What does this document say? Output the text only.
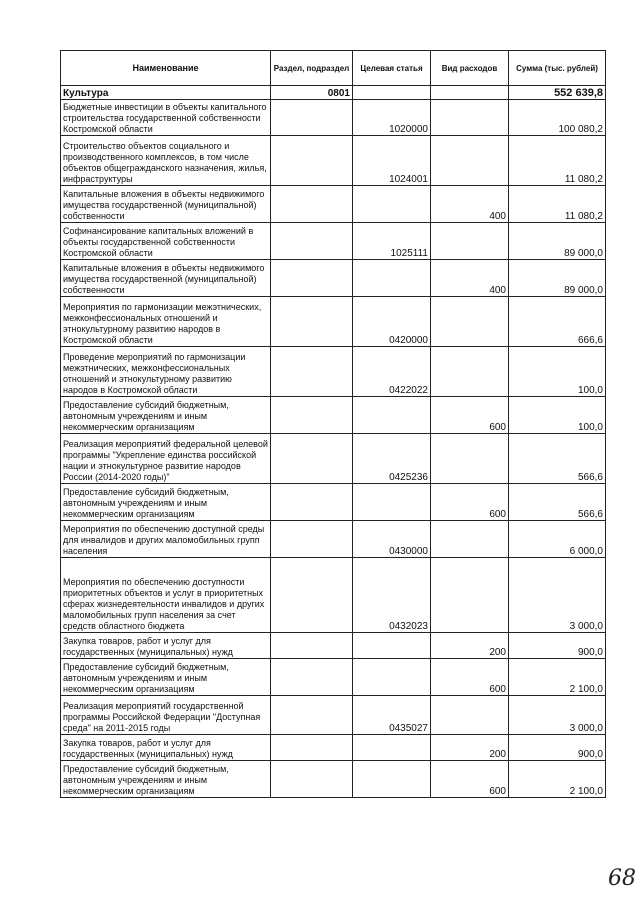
Наименование	Раздел, подраздел	Целевая статья	Вид расходов	Сумма (тыс. рублей)
Культура	0801			552 639,8
Бюджетные инвестиции в объекты капитального строительства государственной собственности Костромской области		1020000		100 080,2
Строительство объектов социального и производственного комплексов, в том числе объектов общегражданского назначения, жилья, инфраструктуры		1024001		11 080,2
Капитальные вложения в объекты недвижимого имущества государственной (муниципальной) собственности			400	11 080,2
Софинансирование капитальных вложений в объекты государственной собственности Костромской области		1025111		89 000,0
Капитальные вложения в объекты недвижимого имущества государственной (муниципальной) собственности			400	89 000,0
Мероприятия по гармонизации межэтнических, межконфессиональных отношений и этнокультурному развитию народов в Костромской области		0420000		666,6
Проведение мероприятий по гармонизации межэтнических, межконфессиональных отношений и этнокультурному развитию народов в Костромской области		0422022		100,0
Предоставление субсидий бюджетным, автономным учреждениям и иным некоммерческим организациям			600	100,0
Реализация мероприятий федеральной целевой программы "Укрепление единства российской нации и этнокультурное развитие народов России (2014-2020 годы)"		0425236		566,6
Предоставление субсидий бюджетным, автономным учреждениям и иным некоммерческим организациям			600	566,6
Мероприятия по обеспечению доступной среды для инвалидов и других маломобильных групп населения		0430000		6 000,0
Мероприятия по обеспечению доступности приоритетных объектов и услуг в приоритетных сферах жизнедеятельности инвалидов и других маломобильных групп населения за счет средств областного бюджета		0432023		3 000,0
Закупка товаров, работ и услуг для государственных (муниципальных) нужд			200	900,0
Предоставление субсидий бюджетным, автономным учреждениям и иным некоммерческим организациям			600	2 100,0
Реализация мероприятий государственной программы Российской Федерации "Доступная среда" на 2011-2015 годы		0435027		3 000,0
Закупка товаров, работ и услуг для государственных (муниципальных) нужд			200	900,0
Предоставление субсидий бюджетным, автономным учреждениям и иным некоммерческим организациям			600	2 100,0
68
